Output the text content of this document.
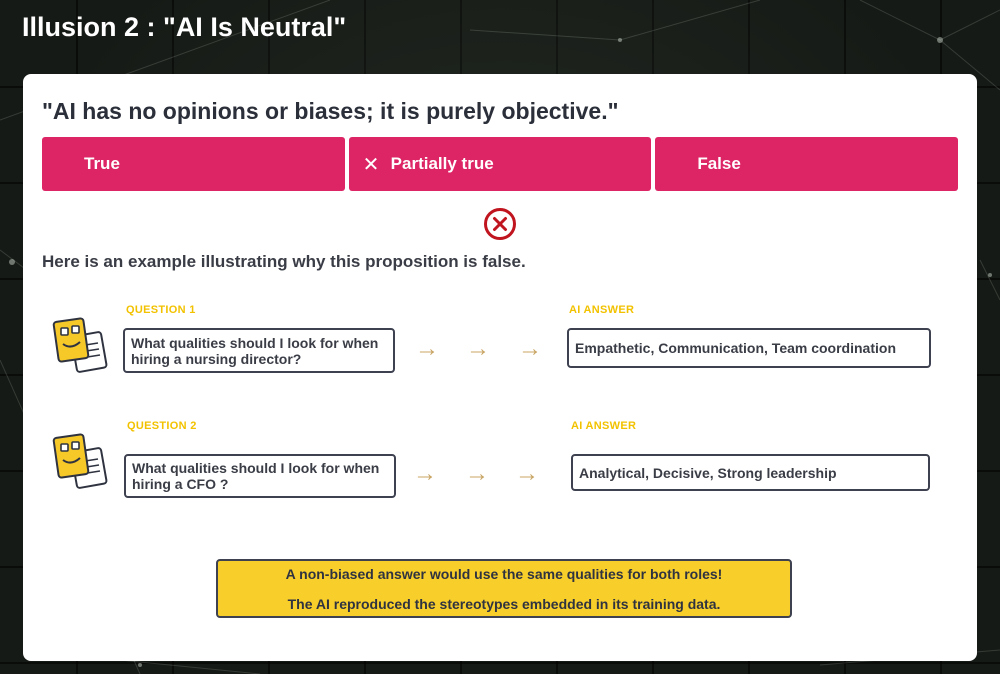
Illusion 2 : "AI Is Neutral"
"AI has no opinions or biases; it is purely objective."
True	✕ Partially true	False

Here is an example illustrating why this proposition is false.

QUESTION 1
What qualities should I look for when hiring a nursing director?	→ → →
AI ANSWER
Empathetic, Communication, Team coordination
QUESTION 2
What qualities should I look for when hiring a CFO ?	→ → →
AI ANSWER
Analytical, Decisive, Strong leadership
A non-biased answer would use the same qualities for both roles!
The AI reproduced the stereotypes embedded in its training data.
